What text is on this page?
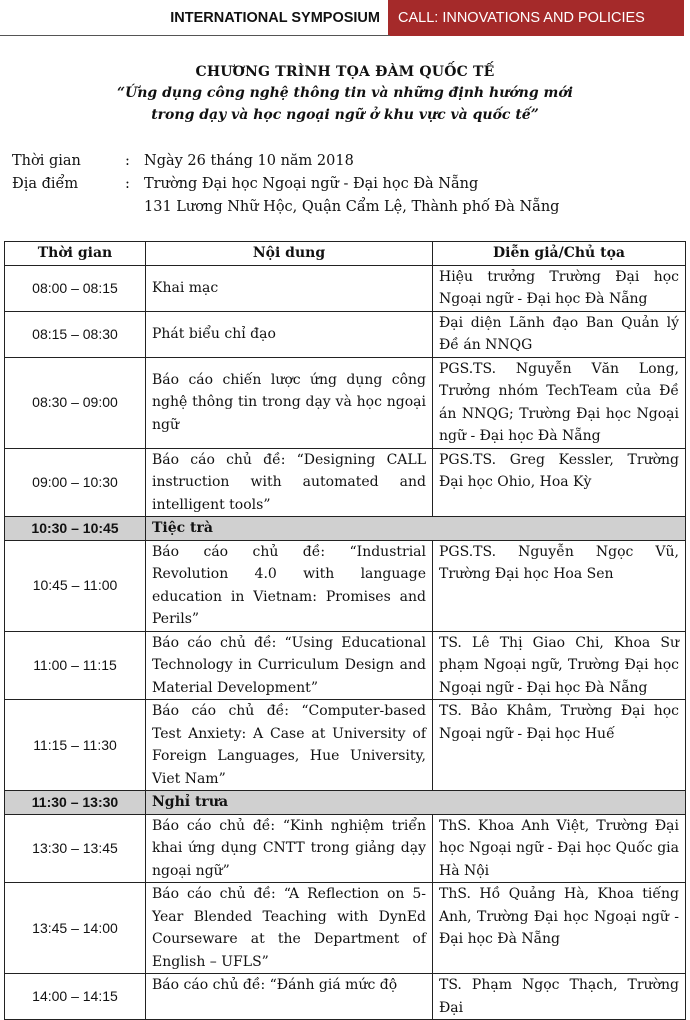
INTERNATIONAL SYMPOSIUM	CALL: INNOVATIONS AND POLICIES
CHƯƠNG TRÌNH TỌA ĐÀM QUỐC TẾ
“Ứng dụng công nghệ thông tin và những định hướng mới
trong dạy và học ngoại ngữ ở khu vực và quốc tế”
Thời gian	: Ngày 26 tháng 10 năm 2018
Địa điểm	: Trường Đại học Ngoại ngữ - Đại học Đà Nẵng
131 Lương Nhữ Hộc, Quận Cẩm Lệ, Thành phố Đà Nẵng
Thời gian	Nội dung	Diễn giả/Chủ tọa
08:00 – 08:15	Khai mạc	Hiệu trưởng Trường Đại học Ngoại ngữ - Đại học Đà Nẵng
08:15 – 08:30	Phát biểu chỉ đạo	Đại diện Lãnh đạo Ban Quản lý Đề án NNQG
08:30 – 09:00	Báo cáo chiến lược ứng dụng công nghệ thông tin trong dạy và học ngoại ngữ	PGS.TS. Nguyễn Văn Long, Trưởng nhóm TechTeam của Đề án NNQG; Trường Đại học Ngoại ngữ - Đại học Đà Nẵng
09:00 – 10:30	Báo cáo chủ đề: “Designing CALL instruction with automated and intelligent tools”	PGS.TS. Greg Kessler, Trường Đại học Ohio, Hoa Kỳ
10:30 – 10:45	Tiệc trà	
10:45 – 11:00	Báo cáo chủ đề: “Industrial Revolution 4.0 with language education in Vietnam: Promises and Perils”	PGS.TS. Nguyễn Ngọc Vũ, Trường Đại học Hoa Sen
11:00 – 11:15	Báo cáo chủ đề: “Using Educational Technology in Curriculum Design and Material Development”	TS. Lê Thị Giao Chi, Khoa Sư phạm Ngoại ngữ, Trường Đại học Ngoại ngữ - Đại học Đà Nẵng
11:15 – 11:30	Báo cáo chủ đề: “Computer-based Test Anxiety: A Case at University of Foreign Languages, Hue University, Viet Nam”	TS. Bảo Khâm, Trường Đại học Ngoại ngữ - Đại học Huế
11:30 – 13:30	Nghỉ trưa	
13:30 – 13:45	Báo cáo chủ đề: “Kinh nghiệm triển khai ứng dụng CNTT trong giảng dạy ngoại ngữ”	ThS. Khoa Anh Việt, Trường Đại học Ngoại ngữ - Đại học Quốc gia Hà Nội
13:45 – 14:00	Báo cáo chủ đề: “A Reflection on 5-Year Blended Teaching with DynEd Courseware at the Department of English – UFLS”	ThS. Hồ Quảng Hà, Khoa tiếng Anh, Trường Đại học Ngoại ngữ - Đại học Đà Nẵng
14:00 – 14:15	Báo cáo chủ đề: “Đánh giá mức độ	TS. Phạm Ngọc Thạch, Trường Đại
